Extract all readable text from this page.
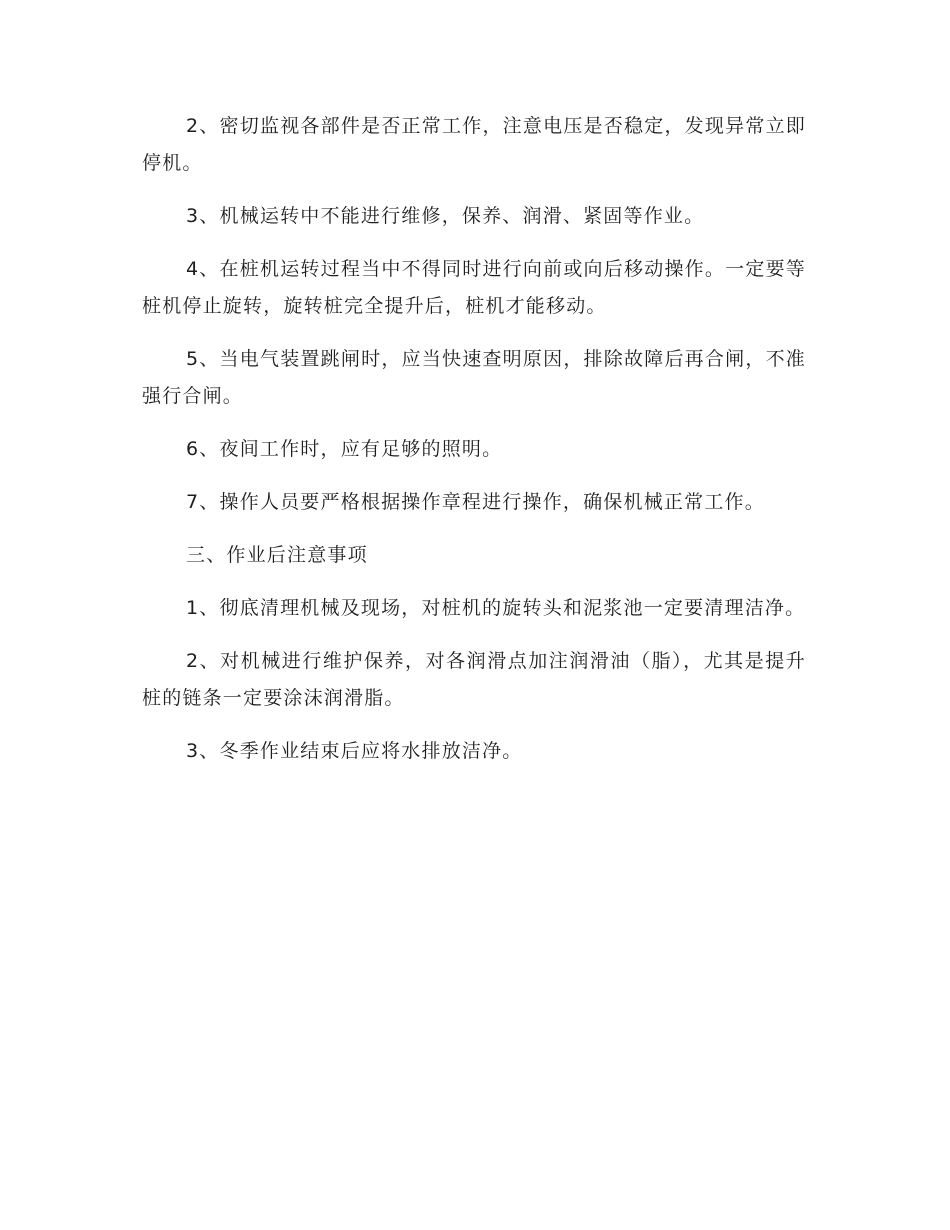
2、密切监视各部件是否正常工作，注意电压是否稳定，发现异常立即停机。

3、机械运转中不能进行维修，保养、润滑、紧固等作业。

4、在桩机运转过程当中不得同时进行向前或向后移动操作。一定要等桩机停止旋转，旋转桩完全提升后，桩机才能移动。

5、当电气装置跳闸时，应当快速查明原因，排除故障后再合闸，不准强行合闸。

6、夜间工作时，应有足够的照明。

7、操作人员要严格根据操作章程进行操作，确保机械正常工作。

三、作业后注意事项

1、彻底清理机械及现场，对桩机的旋转头和泥浆池一定要清理洁净。

2、对机械进行维护保养，对各润滑点加注润滑油（脂），尤其是提升桩的链条一定要涂沫润滑脂。

3、冬季作业结束后应将水排放洁净。
